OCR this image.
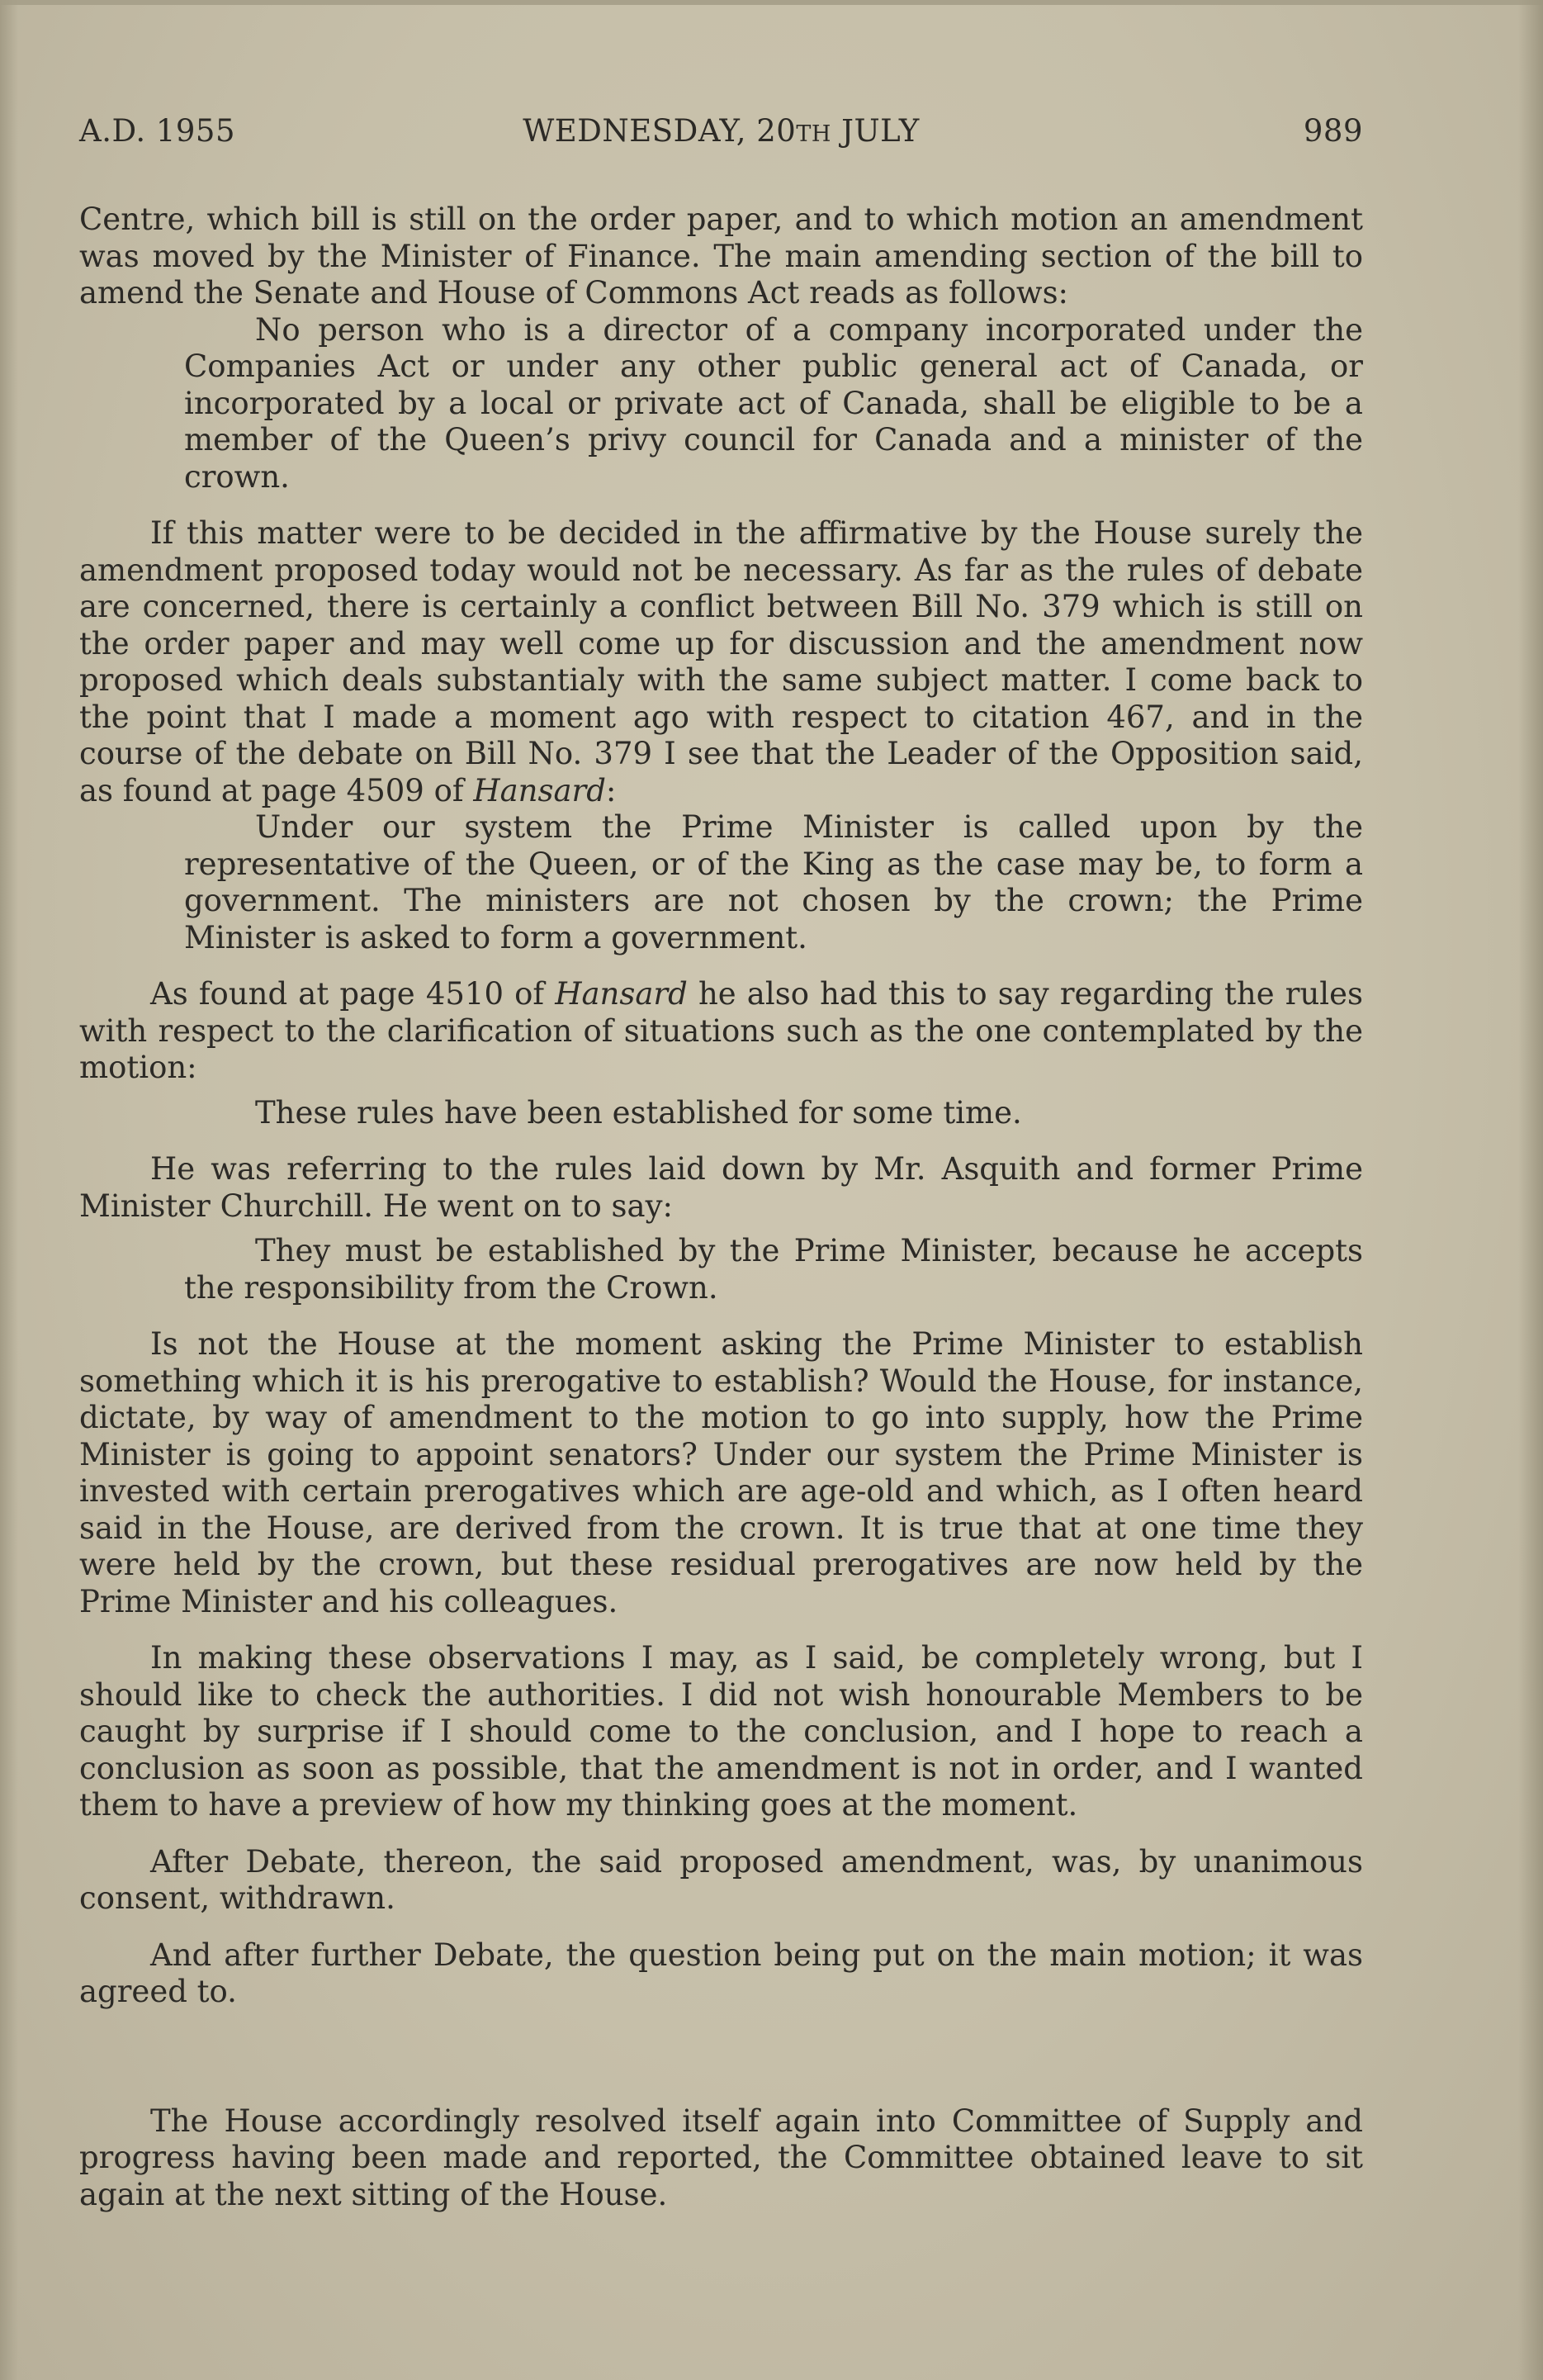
A.D. 1955	WEDNESDAY, 20TH JULY	989

Centre, which bill is still on the order paper, and to which motion an amendment was moved by the Minister of Finance. The main amending section of the bill to amend the Senate and House of Commons Act reads as follows:

No person who is a director of a company incorporated under the Companies Act or under any other public general act of Canada, or incorporated by a local or private act of Canada, shall be eligible to be a member of the Queen’s privy council for Canada and a minister of the crown.

If this matter were to be decided in the affirmative by the House surely the amendment proposed today would not be necessary. As far as the rules of debate are concerned, there is certainly a conflict between Bill No. 379 which is still on the order paper and may well come up for discussion and the amendment now proposed which deals substantialy with the same subject matter. I come back to the point that I made a moment ago with respect to citation 467, and in the course of the debate on Bill No. 379 I see that the Leader of the Opposition said, as found at page 4509 of Hansard:

Under our system the Prime Minister is called upon by the representative of the Queen, or of the King as the case may be, to form a government. The ministers are not chosen by the crown; the Prime Minister is asked to form a government.

As found at page 4510 of Hansard he also had this to say regarding the rules with respect to the clarification of situations such as the one contemplated by the motion:

These rules have been established for some time.

He was referring to the rules laid down by Mr. Asquith and former Prime Minister Churchill. He went on to say:

They must be established by the Prime Minister, because he accepts the responsibility from the Crown.

Is not the House at the moment asking the Prime Minister to establish something which it is his prerogative to establish? Would the House, for instance, dictate, by way of amendment to the motion to go into supply, how the Prime Minister is going to appoint senators? Under our system the Prime Minister is invested with certain prerogatives which are age-old and which, as I often heard said in the House, are derived from the crown. It is true that at one time they were held by the crown, but these residual prerogatives are now held by the Prime Minister and his colleagues.

In making these observations I may, as I said, be completely wrong, but I should like to check the authorities. I did not wish honourable Members to be caught by surprise if I should come to the conclusion, and I hope to reach a conclusion as soon as possible, that the amendment is not in order, and I wanted them to have a preview of how my thinking goes at the moment.

After Debate, thereon, the said proposed amendment, was, by unanimous consent, withdrawn.

And after further Debate, the question being put on the main motion; it was agreed to.

The House accordingly resolved itself again into Committee of Supply and progress having been made and reported, the Committee obtained leave to sit again at the next sitting of the House.
